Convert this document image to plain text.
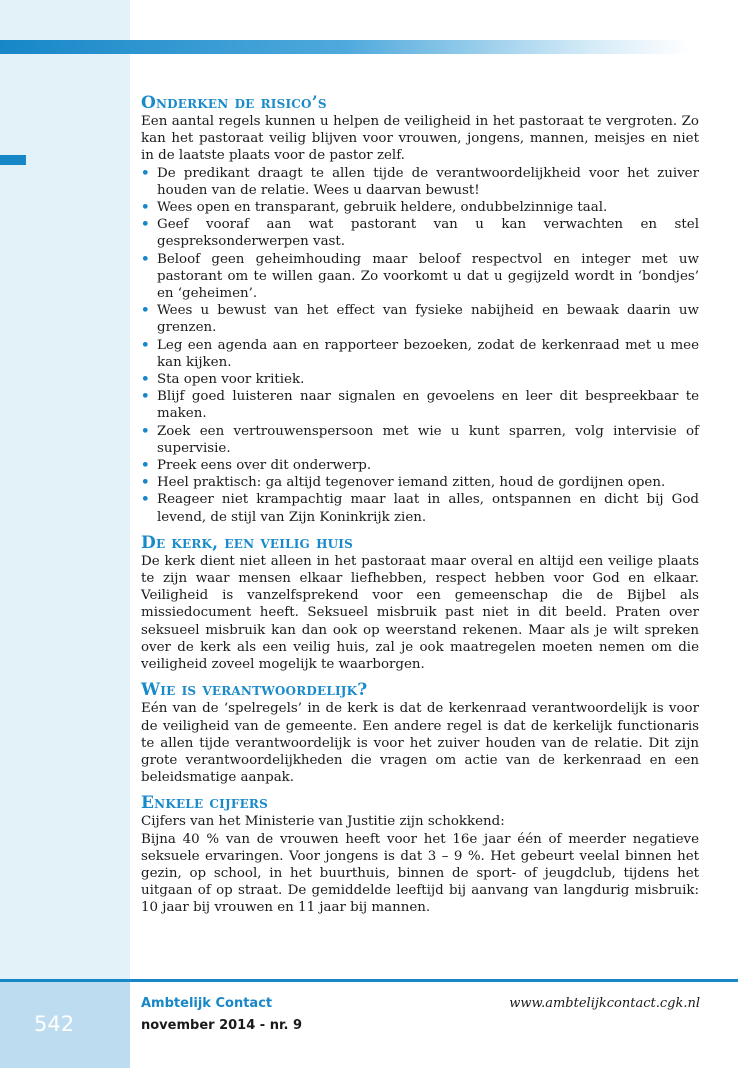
Onderken de risico’s

Een aantal regels kunnen u helpen de veiligheid in het pastoraat te vergroten. Zo kan het pastoraat veilig blijven voor vrouwen, jongens, mannen, meisjes en niet in de laatste plaats voor de pastor zelf.

• De predikant draagt te allen tijde de verantwoordelijkheid voor het zuiver houden van de relatie. Wees u daarvan bewust!
• Wees open en transparant, gebruik heldere, ondubbelzinnige taal.
• Geef vooraf aan wat pastorant van u kan verwachten en stel gespreksonderwerpen vast.
• Beloof geen geheimhouding maar beloof respectvol en integer met uw pastorant om te willen gaan. Zo voorkomt u dat u gegijzeld wordt in ‘bondjes’ en ‘geheimen’.
• Wees u bewust van het effect van fysieke nabijheid en bewaak daarin uw grenzen.
• Leg een agenda aan en rapporteer bezoeken, zodat de kerkenraad met u mee kan kijken.
• Sta open voor kritiek.
• Blijf goed luisteren naar signalen en gevoelens en leer dit bespreekbaar te maken.
• Zoek een vertrouwenspersoon met wie u kunt sparren, volg intervisie of supervisie.
• Preek eens over dit onderwerp.
• Heel praktisch: ga altijd tegenover iemand zitten, houd de gordijnen open.
• Reageer niet krampachtig maar laat in alles, ontspannen en dicht bij God levend, de stijl van Zijn Koninkrijk zien.
De kerk, een veilig huis

De kerk dient niet alleen in het pastoraat maar overal en altijd een veilige plaats te zijn waar mensen elkaar liefhebben, respect hebben voor God en elkaar. Veiligheid is vanzelfsprekend voor een gemeenschap die de Bijbel als missiedocument heeft. Seksueel misbruik past niet in dit beeld. Praten over seksueel misbruik kan dan ook op weerstand rekenen. Maar als je wilt spreken over de kerk als een veilig huis, zal je ook maatregelen moeten nemen om die veiligheid zoveel mogelijk te waarborgen.

Wie is verantwoordelijk?

Eén van de ‘spelregels’ in de kerk is dat de kerkenraad verantwoordelijk is voor de veiligheid van de gemeente. Een andere regel is dat de kerkelijk functionaris te allen tijde verantwoordelijk is voor het zuiver houden van de relatie. Dit zijn grote verantwoordelijkheden die vragen om actie van de kerkenraad en een beleidsmatige aanpak.

Enkele cijfers

Cijfers van het Ministerie van Justitie zijn schokkend:

Bijna 40 % van de vrouwen heeft voor het 16e jaar één of meerder negatieve seksuele ervaringen. Voor jongens is dat 3 – 9 %. Het gebeurt veelal binnen het gezin, op school, in het buurthuis, binnen de sport- of jeugdclub, tijdens het uitgaan of op straat. De gemiddelde leeftijd bij aanvang van langdurig misbruik: 10 jaar bij vrouwen en 11 jaar bij mannen.

542
Ambtelijk Contact
november 2014 - nr. 9
www.ambtelijkcontact.cgk.nl
